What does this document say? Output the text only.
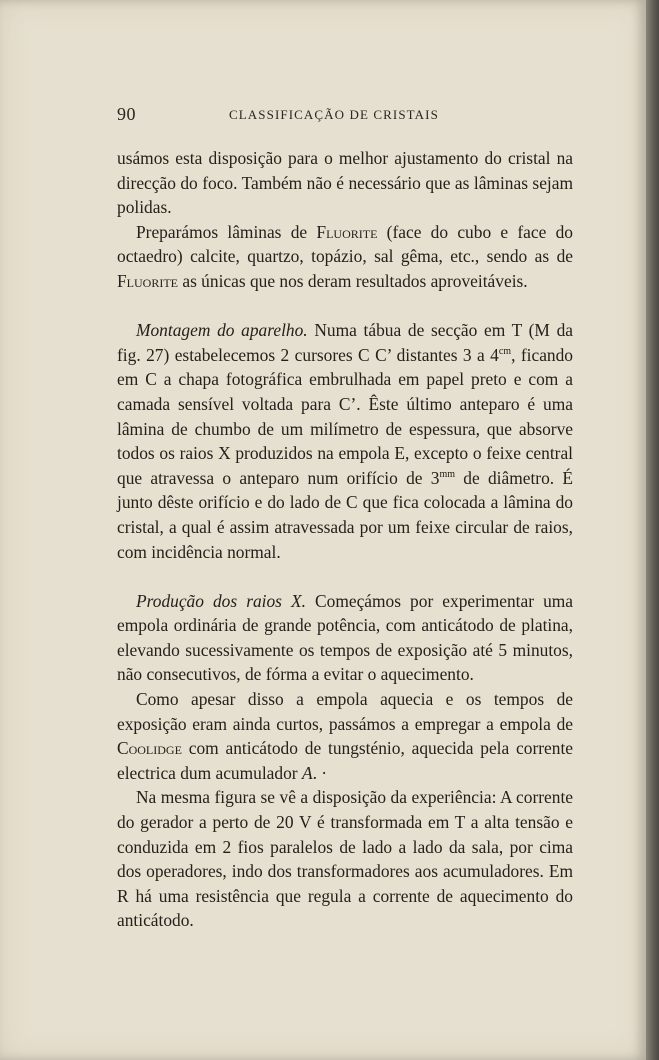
90	CLASSIFICAÇÃO DE CRISTAIS

usámos esta disposição para o melhor ajustamento do cristal na direcção do foco. Também não é necessário que as lâminas sejam polidas.

Preparámos lâminas de Fluorite (face do cubo e face do octaedro) calcite, quartzo, topázio, sal gêma, etc., sendo as de Fluorite as únicas que nos deram resultados aproveitáveis.

Montagem do aparelho. Numa tábua de secção em T (M da fig. 27) estabelecemos 2 cursores C C’ distantes 3 a $4^{cm}$, ficando em C a chapa fotográfica embrulhada em papel preto e com a camada sensível voltada para C’. Êste último anteparo é uma lâmina de chumbo de um milímetro de espessura, que absorve todos os raios X produzidos na empola E, excepto o feixe central que atravessa o anteparo num orifício de $3^{mm}$ de diâmetro. É junto dêste orifício e do lado de C que fica colocada a lâmina do cristal, a qual é assim atravessada por um feixe circular de raios, com incidência normal.

Produção dos raios X. Começámos por experimentar uma empola ordinária de grande potência, com anticátodo de platina, elevando sucessivamente os tempos de exposição até 5 minutos, não consecutivos, de fórma a evitar o aquecimento.

Como apesar disso a empola aquecia e os tempos de exposição eram ainda curtos, passámos a empregar a empola de Coolidge com anticátodo de tungsténio, aquecida pela corrente electrica dum acumulador A. ·

Na mesma figura se vê a disposição da experiência: A corrente do gerador a perto de 20 V é transformada em T a alta tensão e conduzida em 2 fios paralelos de lado a lado da sala, por cima dos operadores, indo dos transformadores aos acumuladores. Em R há uma resistência que regula a corrente de aquecimento do anticátodo.
